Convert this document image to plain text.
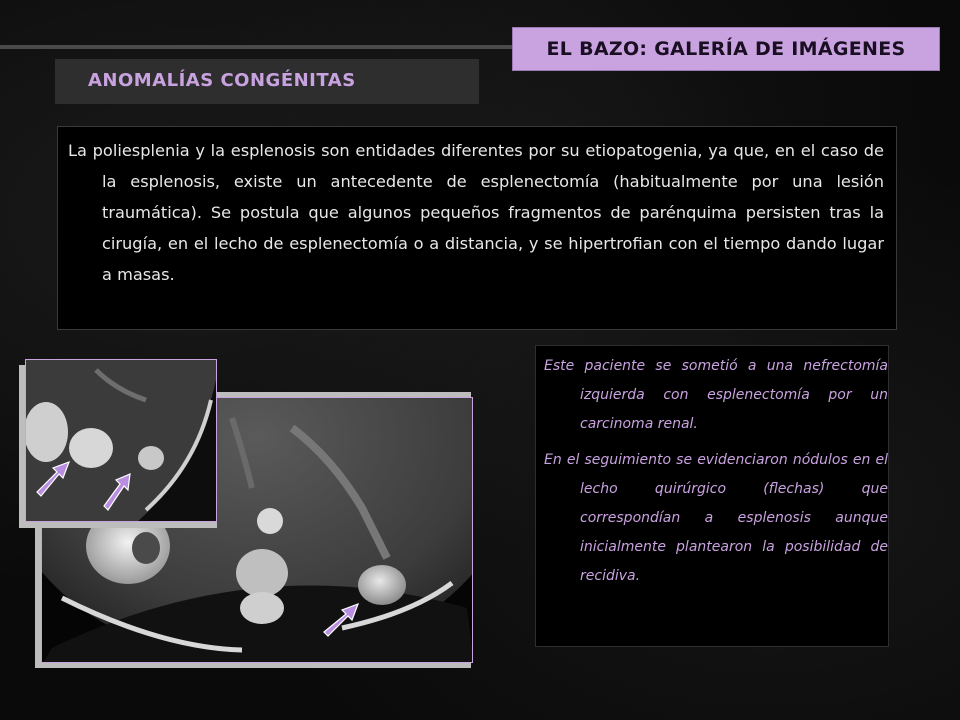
EL BAZO: GALERÍA DE IMÁGENES
ANOMALÍAS CONGÉNITAS

La poliesplenia y la esplenosis son entidades diferentes por su etiopatogenia, ya que, en el caso de la esplenosis, existe un antecedente de esplenectomía (habitualmente por una lesión traumática). Se postula que algunos pequeños fragmentos de parénquima persisten tras la cirugía, en el lecho de esplenectomía o a distancia, y se hipertrofian con el tiempo dando lugar a masas.

Este paciente se sometió a una nefrectomía izquierda con esplenectomía por un carcinoma renal.

En el seguimiento se evidenciaron nódulos en el lecho quirúrgico (flechas) que correspondían a esplenosis aunque inicialmente plantearon la posibilidad de recidiva.
